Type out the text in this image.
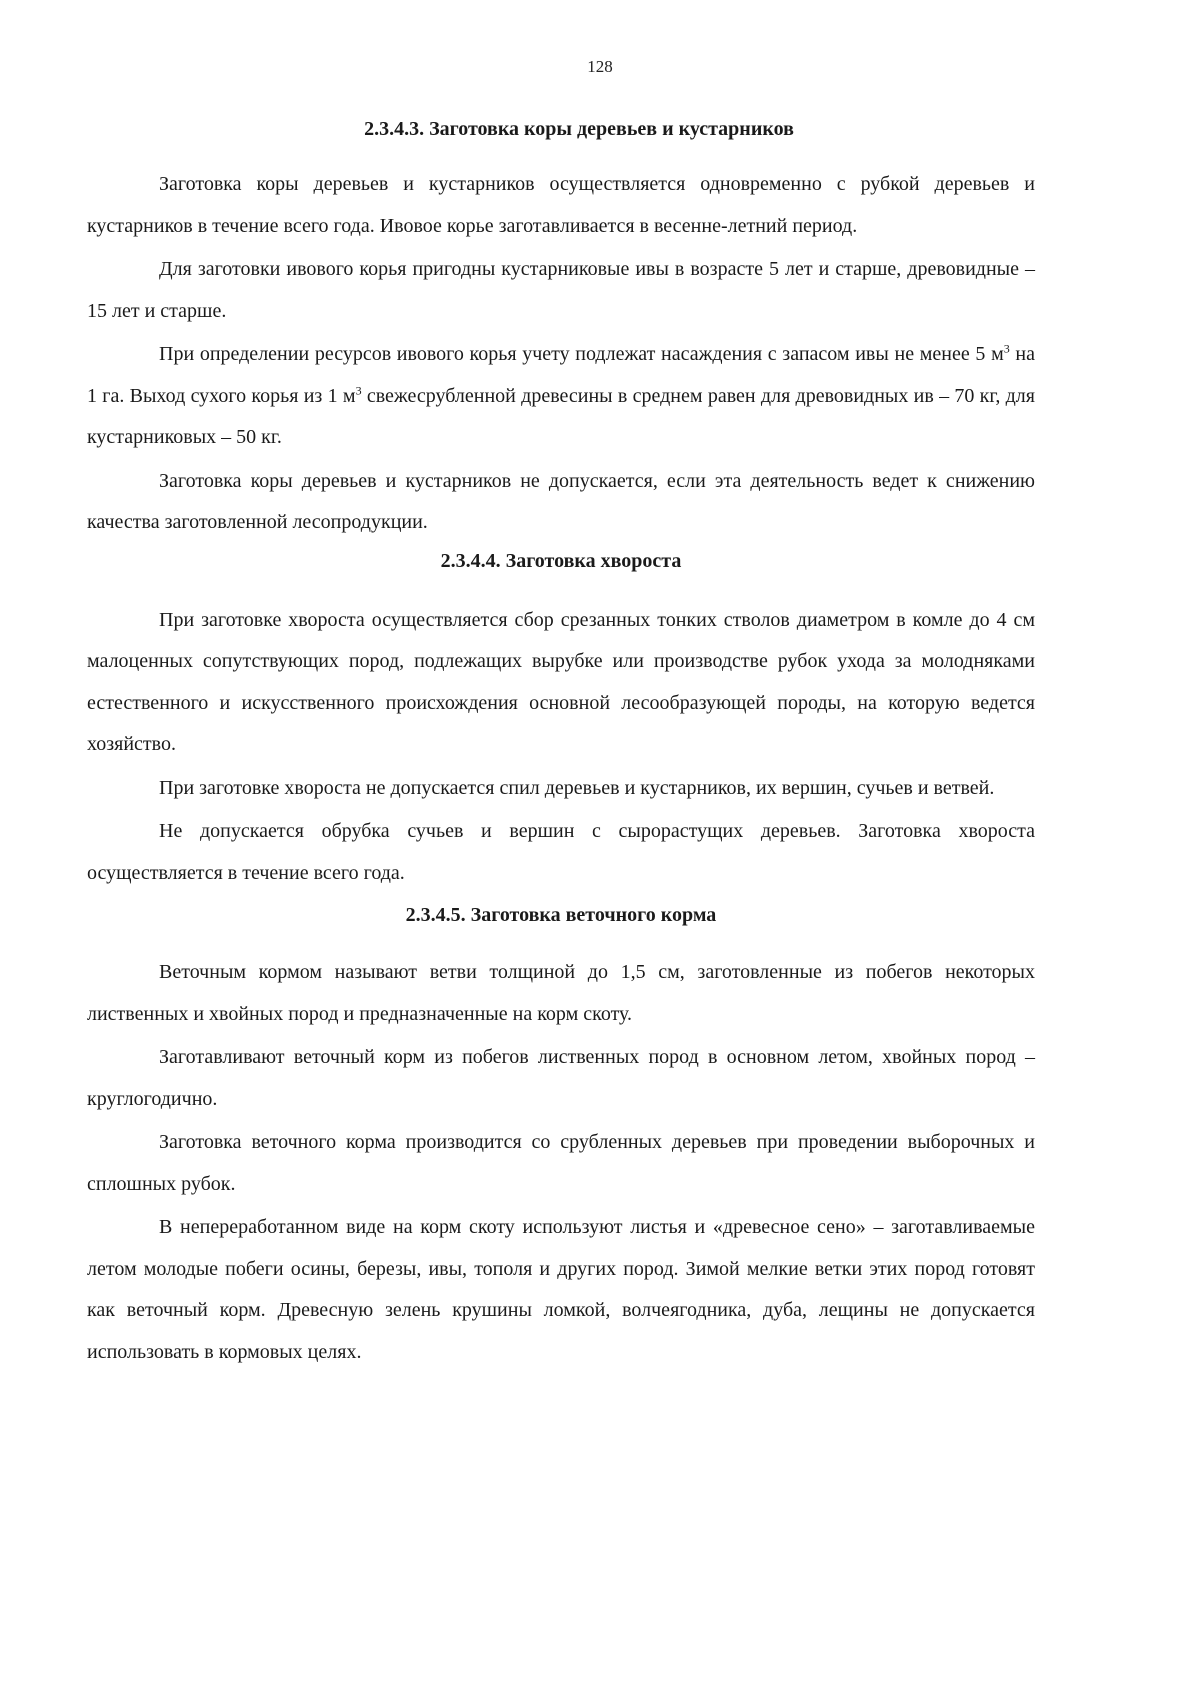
128
2.3.4.3. Заготовка коры деревьев и кустарников

Заготовка коры деревьев и кустарников осуществляется одновременно с рубкой деревьев и кустарников в течение всего года. Ивовое корье заготавливается в весенне-летний период.

Для заготовки ивового корья пригодны кустарниковые ивы в возрасте 5 лет и старше, древовидные – 15 лет и старше.

При определении ресурсов ивового корья учету подлежат насаждения с запасом ивы не менее 5 $м^3$ на 1 га. Выход сухого корья из 1 $м^3$ свежесрубленной древесины в среднем равен для древовидных ив – 70 кг, для кустарниковых – 50 кг.

Заготовка коры деревьев и кустарников не допускается, если эта деятельность ведет к снижению качества заготовленной лесопродукции.

2.3.4.4. Заготовка хвороста

При заготовке хвороста осуществляется сбор срезанных тонких стволов диаметром в комле до 4 см малоценных сопутствующих пород, подлежащих вырубке или производстве рубок ухода за молодняками естественного и искусственного происхождения основной лесообразующей породы, на которую ведется хозяйство.

При заготовке хвороста не допускается спил деревьев и кустарников, их вершин, сучьев и ветвей.

Не допускается обрубка сучьев и вершин с сырорастущих деревьев. Заготовка хвороста осуществляется в течение всего года.

2.3.4.5. Заготовка веточного корма

Веточным кормом называют ветви толщиной до 1,5 см, заготовленные из побегов некоторых лиственных и хвойных пород и предназначенные на корм скоту.

Заготавливают веточный корм из побегов лиственных пород в основном летом, хвойных пород – круглогодично.

Заготовка веточного корма производится со срубленных деревьев при проведении выборочных и сплошных рубок.

В непереработанном виде на корм скоту используют листья и «древесное сено» – заготавливаемые летом молодые побеги осины, березы, ивы, тополя и других пород. Зимой мелкие ветки этих пород готовят как веточный корм. Древесную зелень крушины ломкой, волчеягодника, дуба, лещины не допускается использовать в кормовых целях.
